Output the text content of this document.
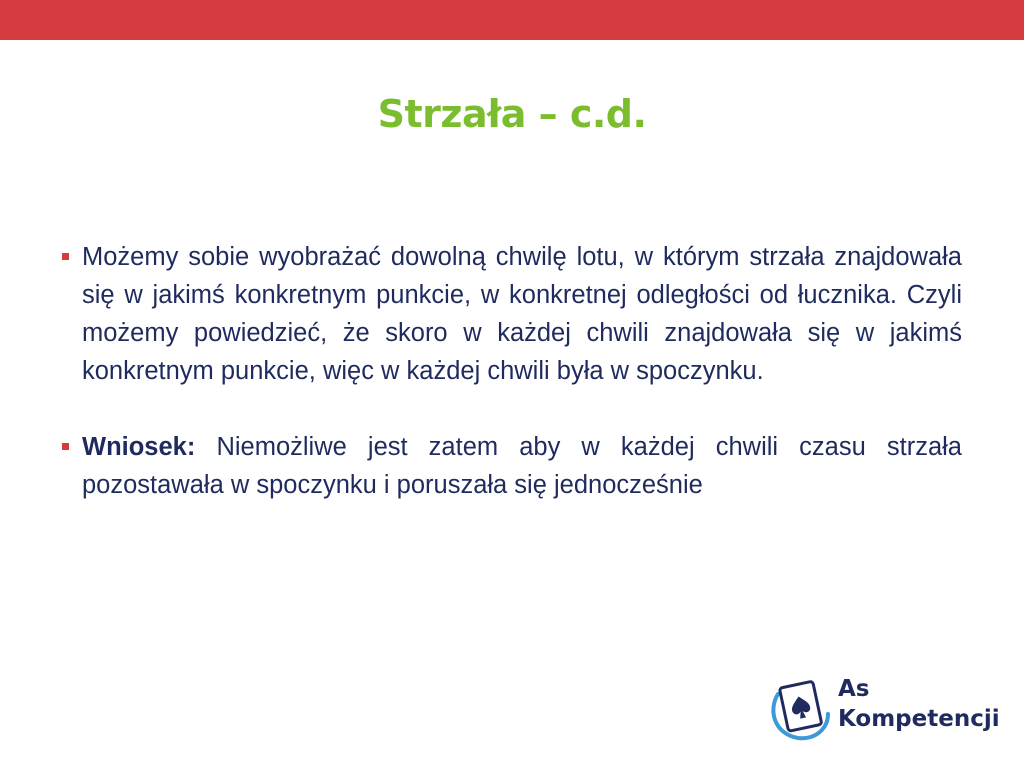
Strzała – c.d.

Możemy sobie wyobrażać dowolną chwilę lotu, w którym strzała znajdowała się w jakimś konkretnym punkcie, w konkretnej odległości od łucznika. Czyli możemy powiedzieć, że skoro w każdej chwili znajdowała się w jakimś konkretnym punkcie, więc w każdej chwili była w spoczynku.

Wniosek: Niemożliwe jest zatem aby w każdej chwili czasu strzała pozostawała w spoczynku i poruszała się jednocześnie

As
Kompetencji
